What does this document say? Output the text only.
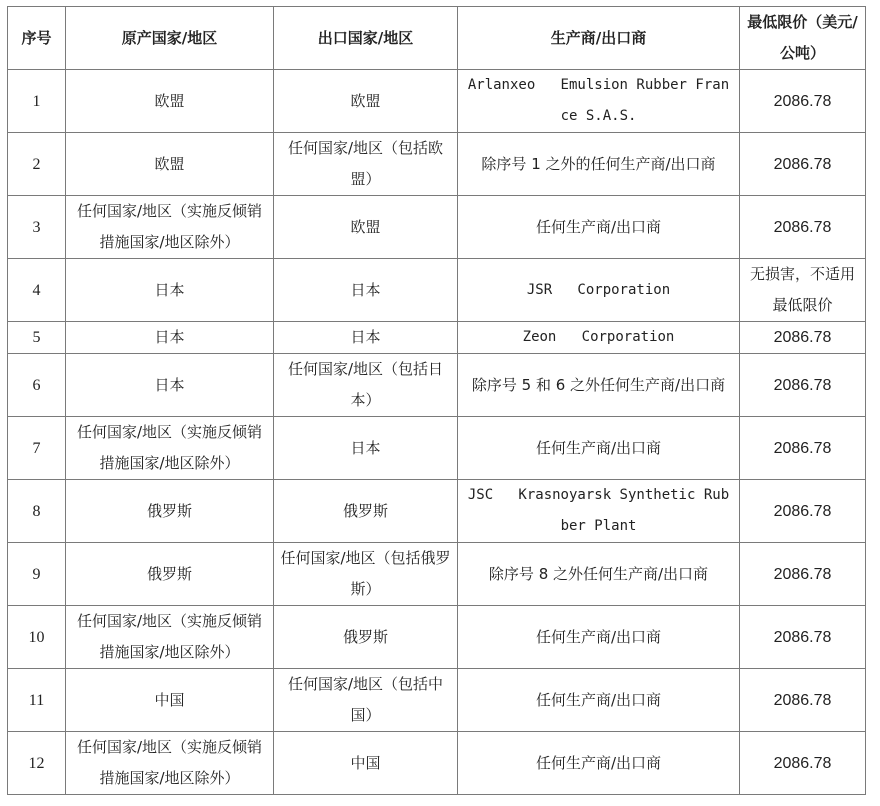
序号	原产国家/地区	出口国家/地区	生产商/出口商	最低限价（美元/公吨）
1	欧盟	欧盟	Arlanxeo   Emulsion Rubber France S.A.S.	2086.78
2	欧盟	任何国家/地区（包括欧盟）	除序号 1 之外的任何生产商/出口商	2086.78
3	任何国家/地区（实施反倾销措施国家/地区除外）	欧盟	任何生产商/出口商	2086.78
4	日本	日本	JSR   Corporation	无损害，不适用最低限价
5	日本	日本	Zeon   Corporation	2086.78
6	日本	任何国家/地区（包括日本）	除序号 5 和 6 之外任何生产商/出口商	2086.78
7	任何国家/地区（实施反倾销措施国家/地区除外）	日本	任何生产商/出口商	2086.78
8	俄罗斯	俄罗斯	JSC   Krasnoyarsk Synthetic Rubber Plant	2086.78
9	俄罗斯	任何国家/地区（包括俄罗斯）	除序号 8 之外任何生产商/出口商	2086.78
10	任何国家/地区（实施反倾销措施国家/地区除外）	俄罗斯	任何生产商/出口商	2086.78
11	中国	任何国家/地区（包括中国）	任何生产商/出口商	2086.78
12	任何国家/地区（实施反倾销措施国家/地区除外）	中国	任何生产商/出口商	2086.78
